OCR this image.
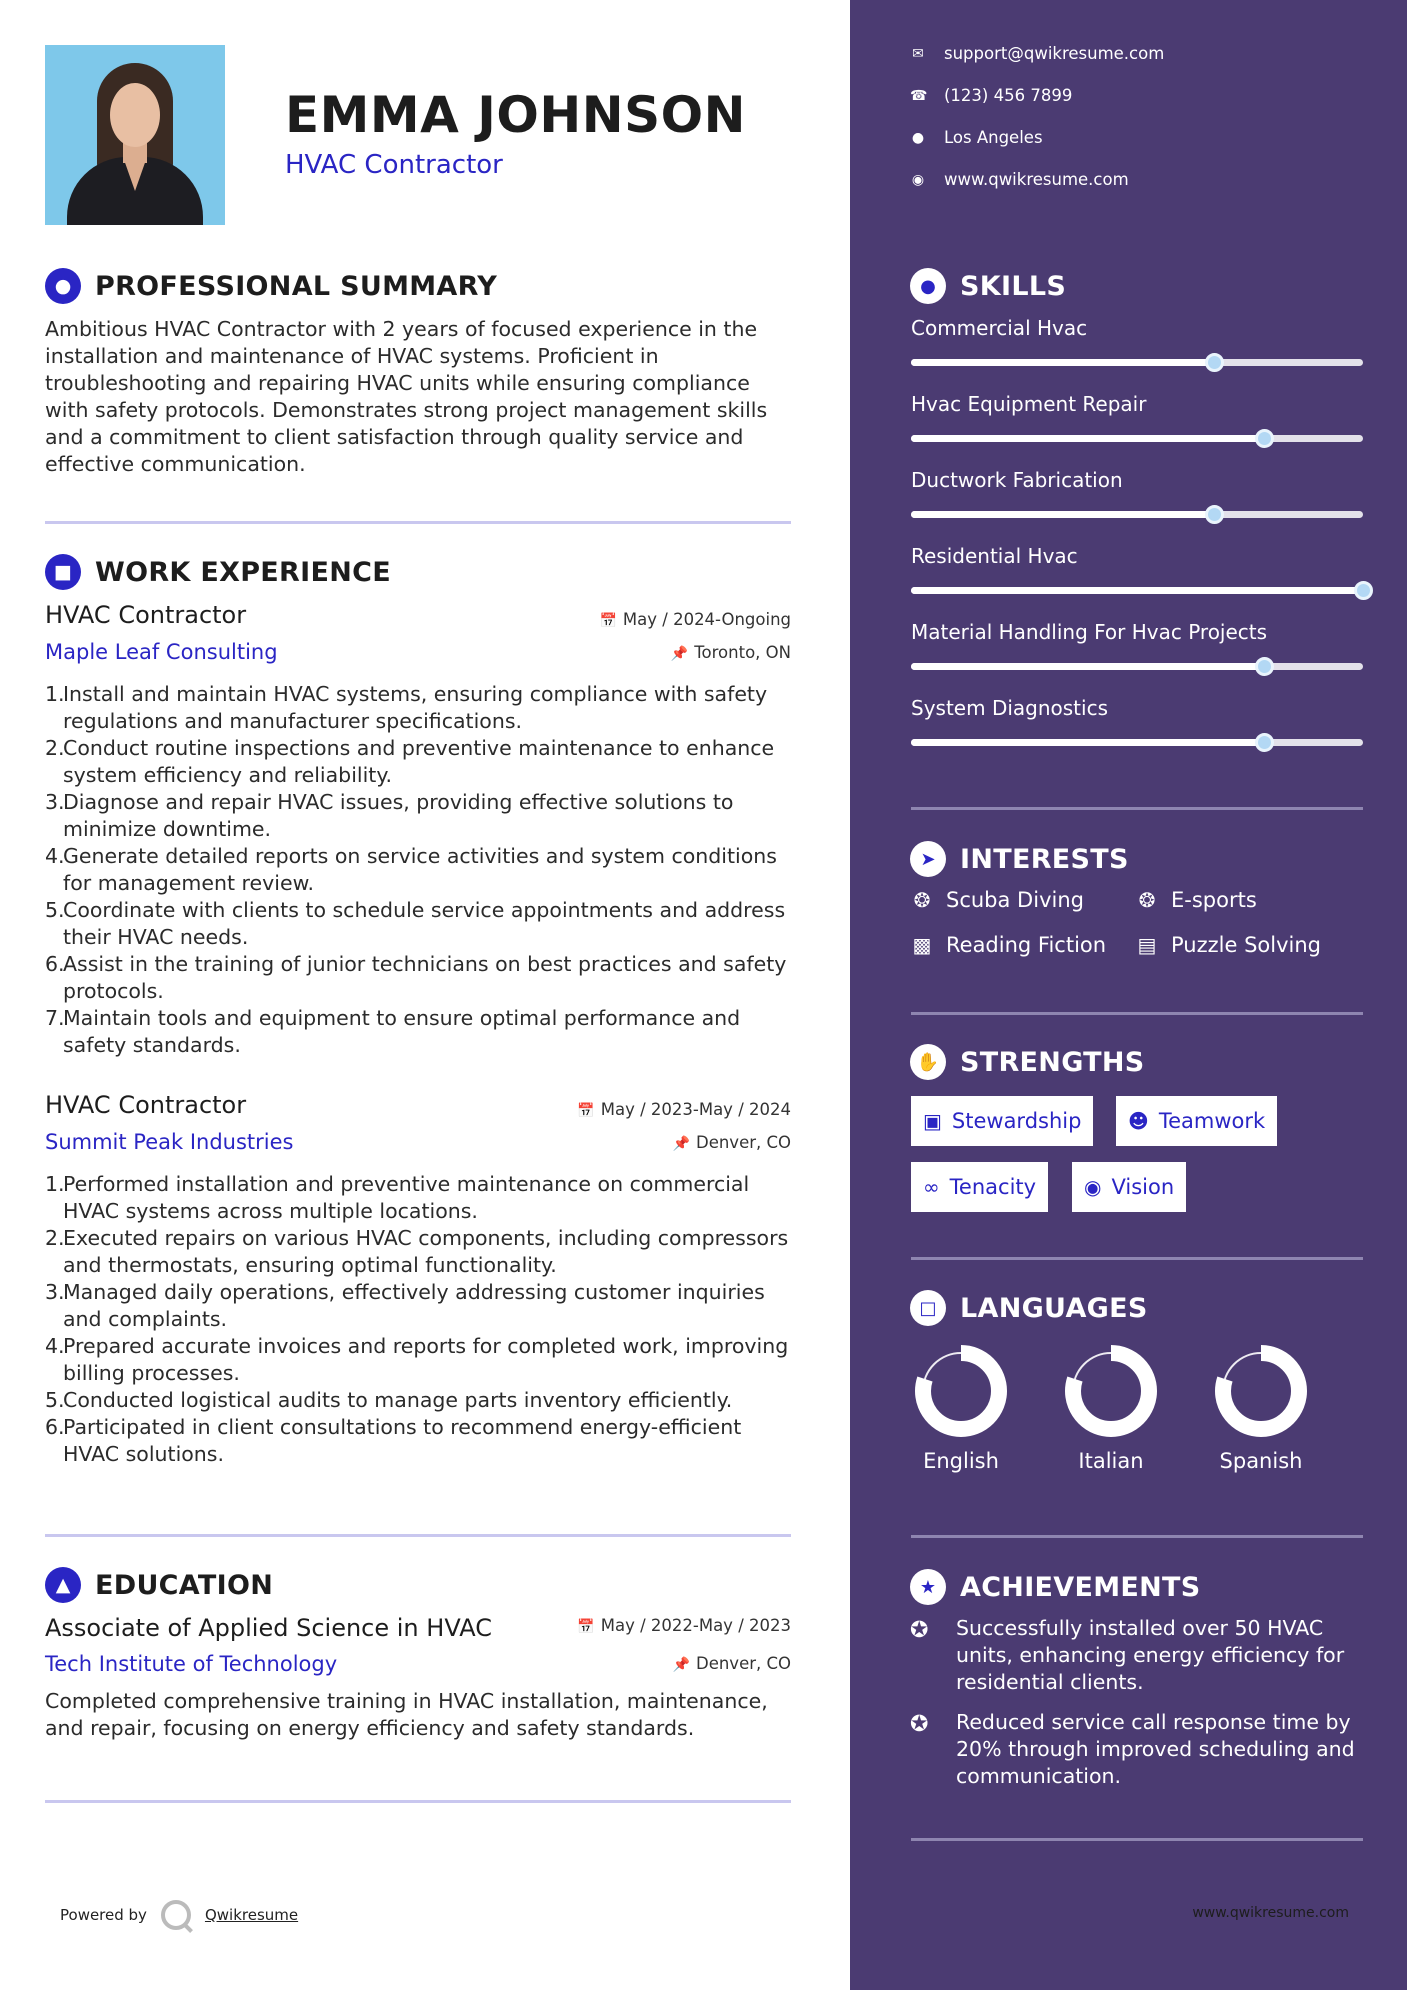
EMMA JOHNSON
HVAC Contractor
● PROFESSIONAL SUMMARY
Ambitious HVAC Contractor with 2 years of focused experience in the installation and maintenance of HVAC systems. Proficient in troubleshooting and repairing HVAC units while ensuring compliance with safety protocols. Demonstrates strong project management skills and a commitment to client satisfaction through quality service and effective communication.
■ WORK EXPERIENCE
HVAC Contractor	📅 May / 2024-Ongoing
Maple Leaf Consulting	📌 Toronto, ON
1.
Install and maintain HVAC systems, ensuring compliance with safety regulations and manufacturer specifications.
2.
Conduct routine inspections and preventive maintenance to enhance system efficiency and reliability.
3.
Diagnose and repair HVAC issues, providing effective solutions to minimize downtime.
4.
Generate detailed reports on service activities and system conditions for management review.
5.
Coordinate with clients to schedule service appointments and address their HVAC needs.
6.
Assist in the training of junior technicians on best practices and safety protocols.
7.
Maintain tools and equipment to ensure optimal performance and safety standards.
HVAC Contractor	📅 May / 2023-May / 2024
Summit Peak Industries	📌 Denver, CO
1.
Performed installation and preventive maintenance on commercial HVAC systems across multiple locations.
2.
Executed repairs on various HVAC components, including compressors and thermostats, ensuring optimal functionality.
3.
Managed daily operations, effectively addressing customer inquiries and complaints.
4.
Prepared accurate invoices and reports for completed work, improving billing processes.
5.
Conducted logistical audits to manage parts inventory efficiently.
6.
Participated in client consultations to recommend energy-efficient HVAC solutions.
▲ EDUCATION
Associate of Applied Science in HVAC	📅 May / 2022-May / 2023
Tech Institute of Technology	📌 Denver, CO
Completed comprehensive training in HVAC installation, maintenance, and repair, focusing on energy efficiency and safety standards.
Powered by	Qwikresume
✉ support@qwikresume.com
☎ (123) 456 7899
● Los Angeles
◉ www.qwikresume.com
● SKILLS
Commercial Hvac
Hvac Equipment Repair
Ductwork Fabrication
Residential Hvac
Material Handling For Hvac Projects
System Diagnostics
➤ INTERESTS
❂ Scuba Diving	❂ E-sports
▩ Reading Fiction ▤ Puzzle Solving
✋ STRENGTHS
▣ Stewardship ☻ Teamwork
∞ Tenacity ◉ Vision
□ LANGUAGES
English	Italian	Spanish
★ ACHIEVEMENTS
✪	Successfully installed over 50 HVAC units, enhancing energy efficiency for residential clients.
✪	Reduced service call response time by 20% through improved scheduling and communication.
www.qwikresume.com
